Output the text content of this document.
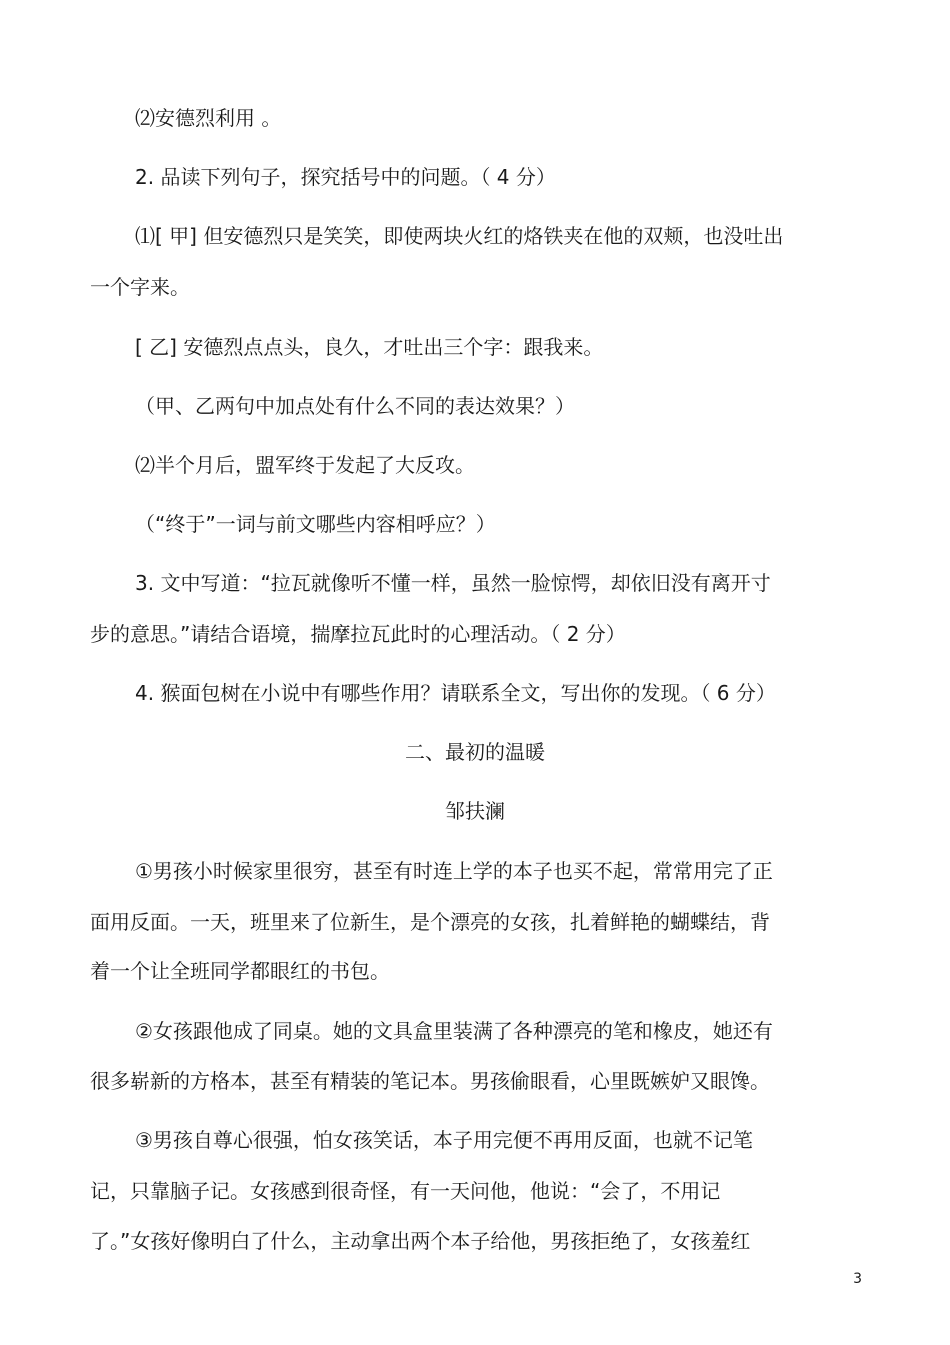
⑵安德烈利用 。
2. 品读下列句子，探究括号中的问题。（ 4 分）
⑴[ 甲] 但安德烈只是笑笑，即使两块火红的烙铁夹在他的双颊，也没吐出
一个字来。
[ 乙] 安德烈点点头，良久，才吐出三个字：跟我来。
（甲、乙两句中加点处有什么不同的表达效果？）
⑵半个月后，盟军终于发起了大反攻。
（“终于”一词与前文哪些内容相呼应？）
3. 文中写道：“拉瓦就像听不懂一样，虽然一脸惊愕，却依旧没有离开寸
步的意思。”请结合语境，揣摩拉瓦此时的心理活动。（ 2 分）
4. 猴面包树在小说中有哪些作用？请联系全文，写出你的发现。（ 6 分）
二、最初的温暖
邹扶澜
①男孩小时候家里很穷，甚至有时连上学的本子也买不起，常常用完了正
面用反面。一天，班里来了位新生，是个漂亮的女孩，扎着鲜艳的蝴蝶结，背
着一个让全班同学都眼红的书包。
②女孩跟他成了同桌。她的文具盒里装满了各种漂亮的笔和橡皮，她还有
很多崭新的方格本，甚至有精装的笔记本。男孩偷眼看，心里既嫉妒又眼馋。
③男孩自尊心很强，怕女孩笑话，本子用完便不再用反面，也就不记笔
记，只靠脑子记。女孩感到很奇怪，有一天问他，他说：“会了，不用记
了。”女孩好像明白了什么，主动拿出两个本子给他，男孩拒绝了，女孩羞红
3
